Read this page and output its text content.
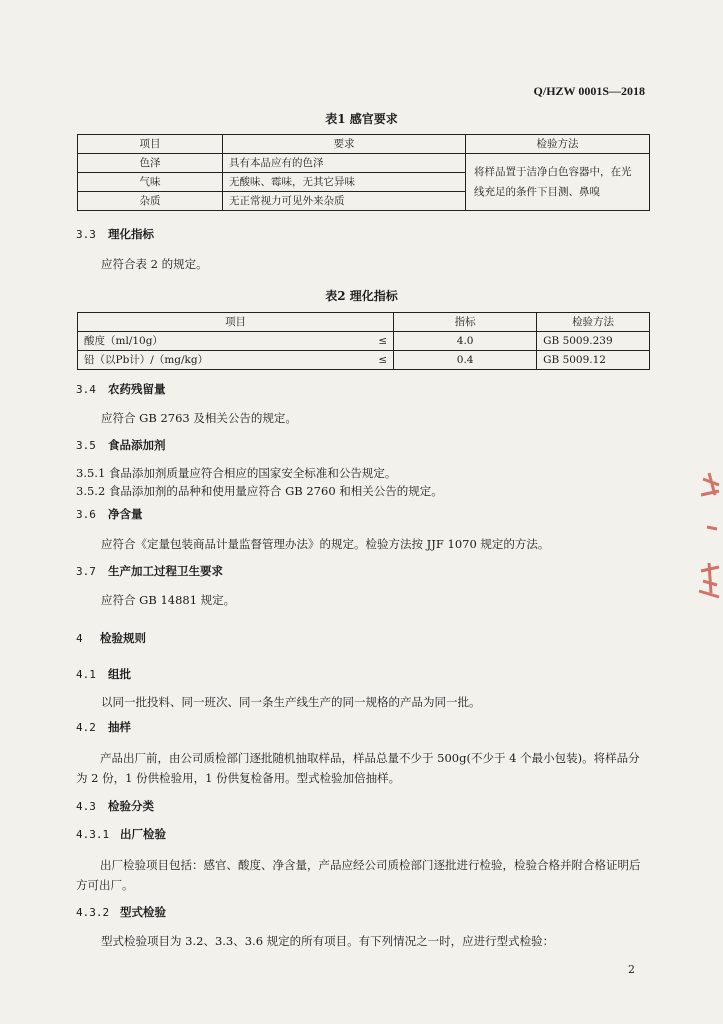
Q/HZW 0001S—2018
表1 感官要求
项目	要求	检验方法
色泽	具有本品应有的色泽	将样品置于洁净白色容器中，在光线充足的条件下目测、鼻嗅
气味	无酸味、霉味，无其它异味	
杂质	无正常视力可见外来杂质	
3.3 理化指标
应符合表 2 的规定。
表2 理化指标
项目		指标	检验方法
酸度（ml/10g）	≤	4.0	GB 5009.239
铅（以Pb计）/（mg/kg）	≤	0.4	GB 5009.12
3.4 农药残留量
应符合 GB 2763 及相关公告的规定。
3.5 食品添加剂
3.5.1 食品添加剂质量应符合相应的国家安全标准和公告规定。
3.5.2 食品添加剂的品种和使用量应符合 GB 2760 和相关公告的规定。
3.6 净含量
应符合《定量包装商品计量监督管理办法》的规定。检验方法按 JJF 1070 规定的方法。
3.7 生产加工过程卫生要求
应符合 GB 14881 规定。
4 检验规则
4.1 组批
以同一批投料、同一班次、同一条生产线生产的同一规格的产品为同一批。
4.2 抽样
产品出厂前，由公司质检部门逐批随机抽取样品，样品总量不少于 500g(不少于 4 个最小包装)。将样品分为 2 份，1 份供检验用，1 份供复检备用。型式检验加倍抽样。
4.3 检验分类
4.3.1 出厂检验
出厂检验项目包括：感官、酸度、净含量，产品应经公司质检部门逐批进行检验，检验合格并附合格证明后方可出厂。
4.3.2 型式检验
型式检验项目为 3.2、3.3、3.6 规定的所有项目。有下列情况之一时，应进行型式检验：
2
